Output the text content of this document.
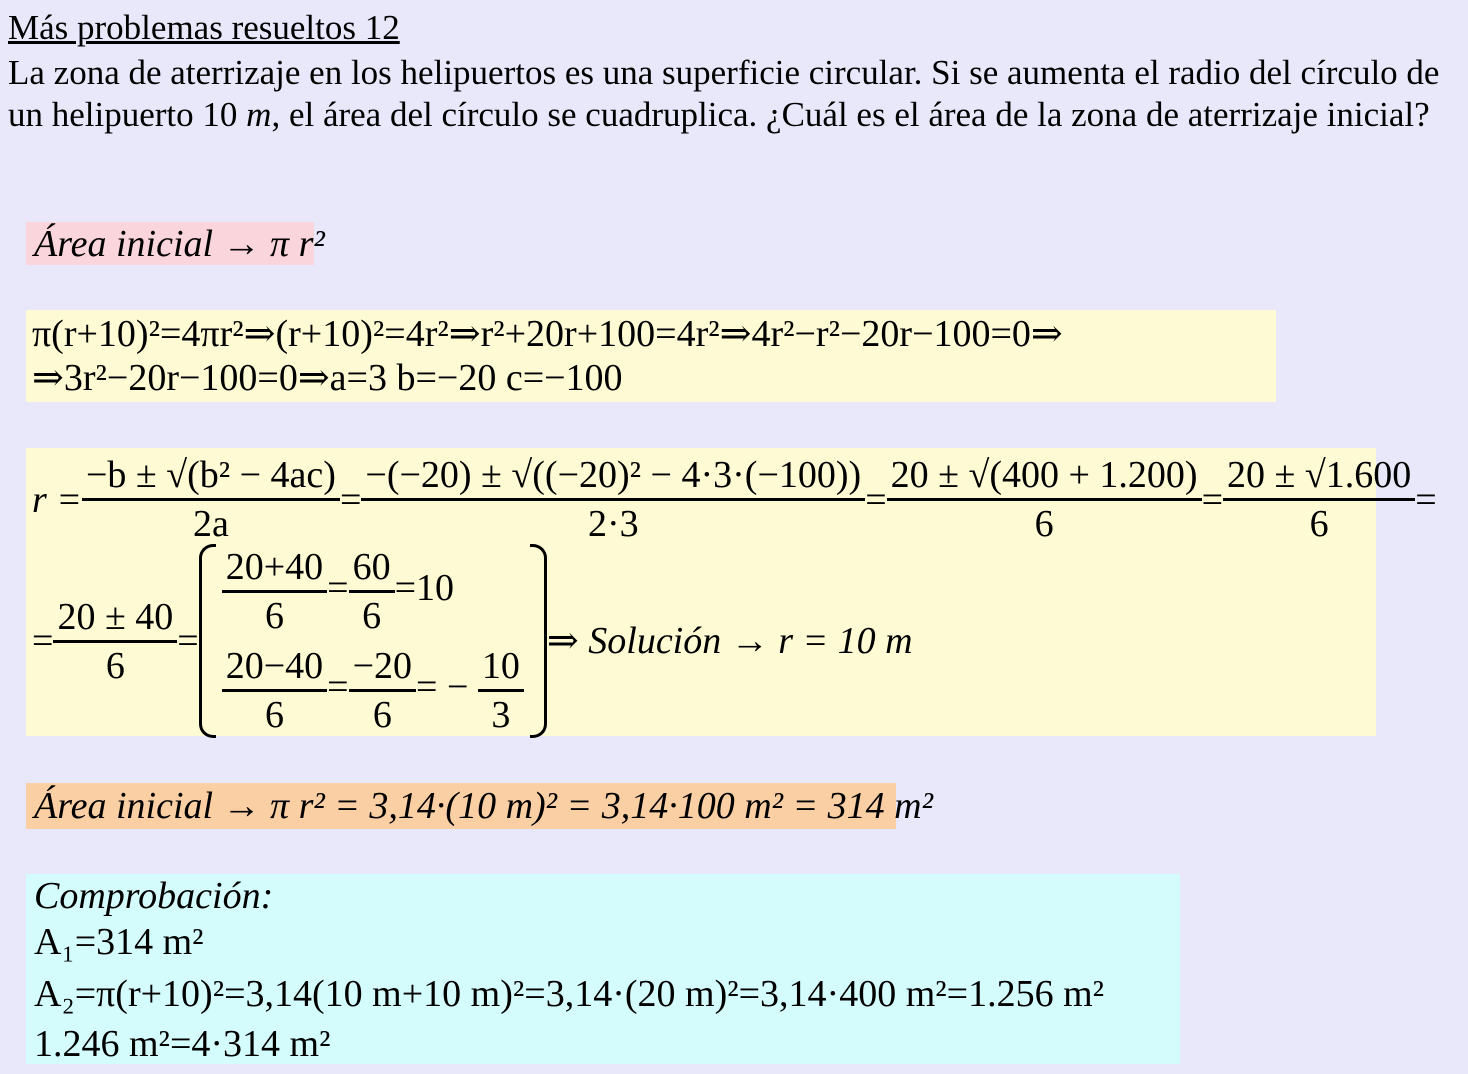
Más problemas resueltos 12
La zona de aterrizaje en los helipuertos es una superficie circular. Si se aumenta el radio del círculo de un helipuerto 10 m, el área del círculo se cuadruplica. ¿Cuál es el área de la zona de aterrizaje inicial?
Área inicial → π r²
π(r+10)²=4πr²⇒(r+10)²=4r²⇒r²+20r+100=4r²⇒4r²−r²−20r−100=0⇒
⇒3r²−20r−100=0⇒a=3 b=−20 c=−100
$r = \frac{\text{−b ± √(b² − 4ac)}}{2a} = \frac{\text{−(−20) ± √((−20)² − 4·3·(−100))}}{2\cdot 3} = \frac{20 \pm √(400 + 1.200)}{6} = \frac{20 \pm √1.600}{6}$ =
= $\frac{20 \pm 40}{6}$ =
$\frac{20+40}{6} = \frac{60}{6} =10$
$\frac{20-40}{6} = \frac{-20}{6}$ = − $\frac{10}{3}$
⇒ Solución → r = 10 m
Área inicial → π r² = 3,14·(10 m)² = 3,14·100 m² = 314 m²
Comprobación:
A₁=314 m²
A₂=π(r+10)²=3,14(10 m+10 m)²=3,14·(20 m)²=3,14·400 m²=1.256 m²
1.246 m²=4·314 m²
